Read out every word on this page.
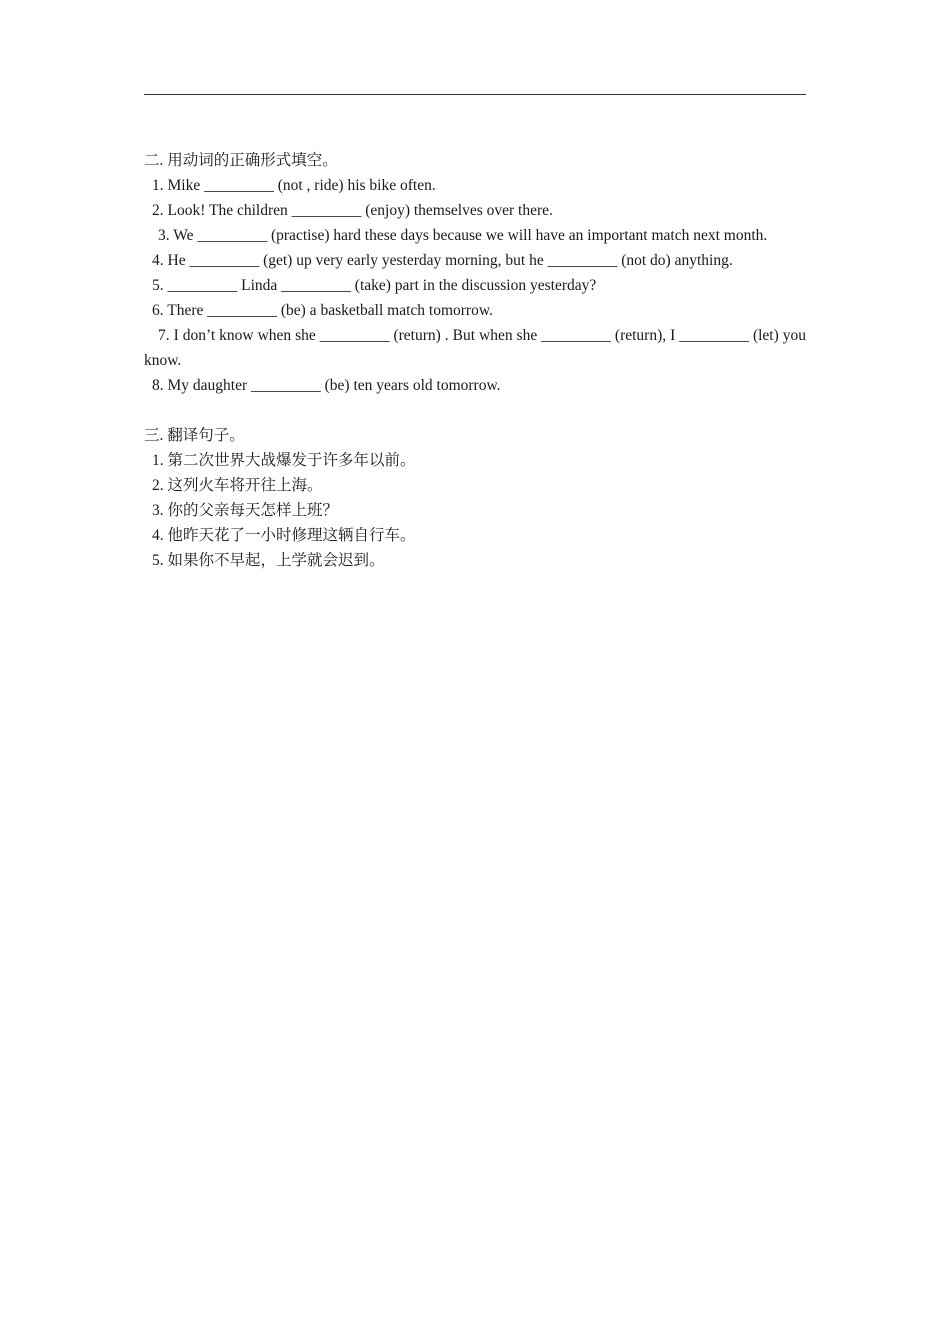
二. 用动词的正确形式填空。

1. Mike _________ (not , ride) his bike often.

2. Look! The children _________ (enjoy) themselves over there.

3. We _________ (practise) hard these days because we will have an important match next month.

4. He _________ (get) up very early yesterday morning, but he _________ (not do) anything.

5. _________ Linda _________ (take) part in the discussion yesterday?

6. There _________ (be) a basketball match tomorrow.

7. I don’t know when she _________ (return) . But when she _________ (return), I _________ (let) you know.

8. My daughter _________ (be) ten years old tomorrow.

三. 翻译句子。

1. 第二次世界大战爆发于许多年以前。

2. 这列火车将开往上海。

3. 你的父亲每天怎样上班？

4. 他昨天花了一小时修理这辆自行车。

5. 如果你不早起，上学就会迟到。
